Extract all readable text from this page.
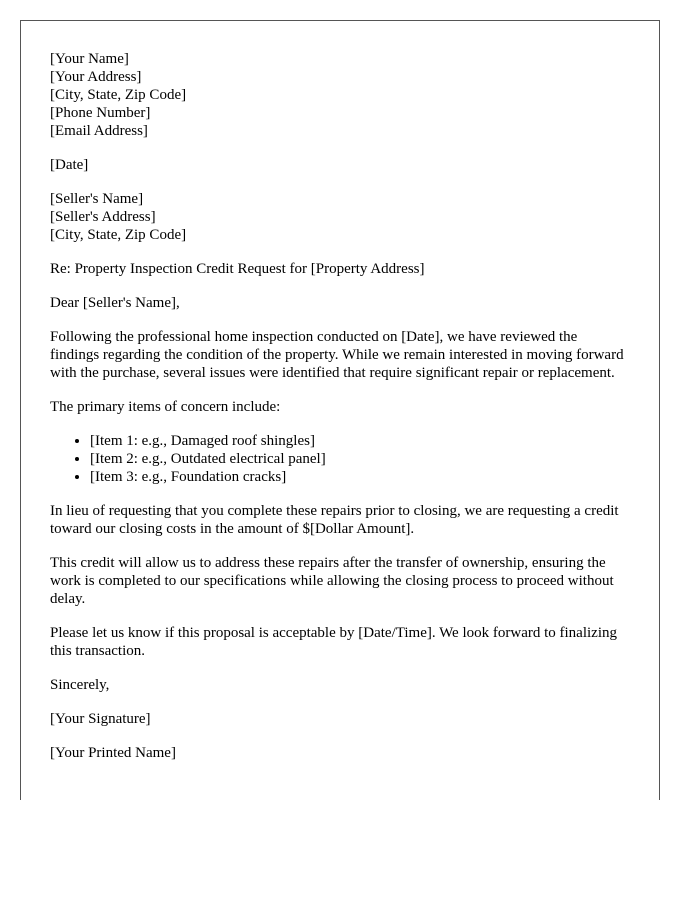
[Your Name]
[Your Address]
[City, State, Zip Code]
[Phone Number]
[Email Address]

[Date]

[Seller's Name]
[Seller's Address]
[City, State, Zip Code]

Re: Property Inspection Credit Request for [Property Address]

Dear [Seller's Name],

Following the professional home inspection conducted on [Date], we have reviewed the findings regarding the condition of the property. While we remain interested in moving forward with the purchase, several issues were identified that require significant repair or replacement.

The primary items of concern include:

• [Item 1: e.g., Damaged roof shingles]
• [Item 2: e.g., Outdated electrical panel]
• [Item 3: e.g., Foundation cracks]

In lieu of requesting that you complete these repairs prior to closing, we are requesting a credit toward our closing costs in the amount of $[Dollar Amount].

This credit will allow us to address these repairs after the transfer of ownership, ensuring the work is completed to our specifications while allowing the closing process to proceed without delay.

Please let us know if this proposal is acceptable by [Date/Time]. We look forward to finalizing this transaction.

Sincerely,

[Your Signature]

[Your Printed Name]
